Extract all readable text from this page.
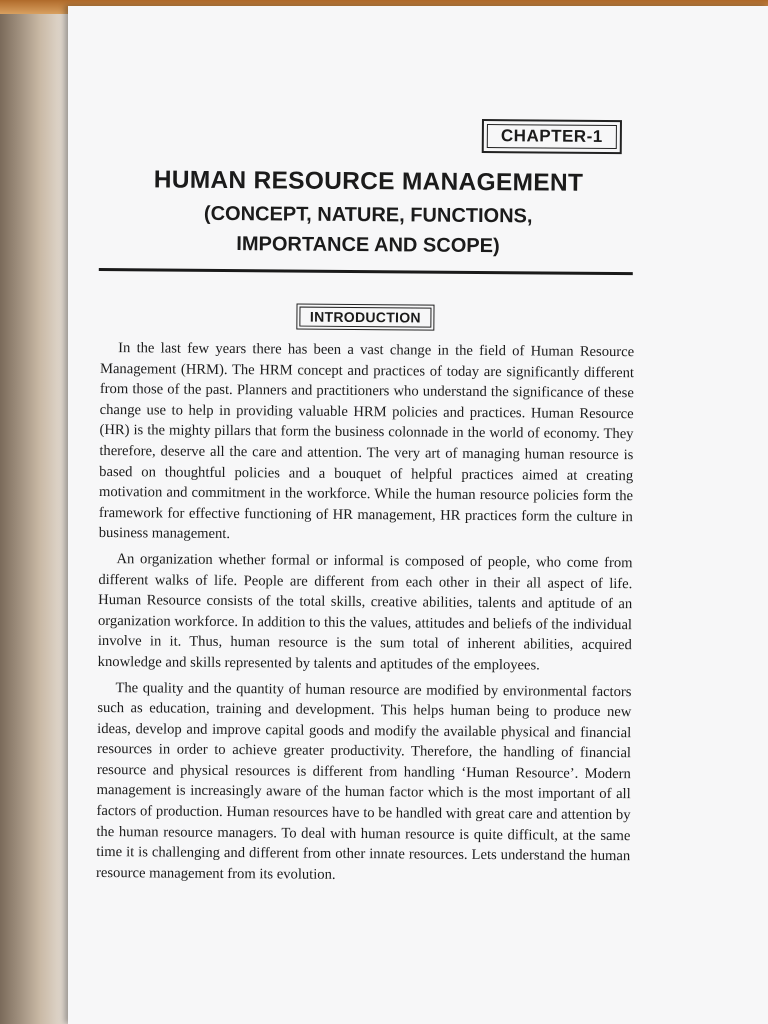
CHAPTER-1
HUMAN RESOURCE MANAGEMENT
(CONCEPT, NATURE, FUNCTIONS,
IMPORTANCE AND SCOPE)
INTRODUCTION

In the last few years there has been a vast change in the field of Human Resource Management (HRM). The HRM concept and practices of today are significantly different from those of the past. Planners and practitioners who understand the significance of these change use to help in providing valuable HRM policies and practices. Human Resource (HR) is the mighty pillars that form the business colonnade in the world of economy. They therefore, deserve all the care and attention. The very art of managing human resource is based on thoughtful policies and a bouquet of helpful practices aimed at creating motivation and commitment in the workforce. While the human resource policies form the framework for effective functioning of HR management, HR practices form the culture in business management.

An organization whether formal or informal is composed of people, who come from different walks of life. People are different from each other in their all aspect of life. Human Resource consists of the total skills, creative abilities, talents and aptitude of an organization workforce. In addition to this the values, attitudes and beliefs of the individual involve in it. Thus, human resource is the sum total of inherent abilities, acquired knowledge and skills represented by talents and aptitudes of the employees.

The quality and the quantity of human resource are modified by environmental factors such as education, training and development. This helps human being to produce new ideas, develop and improve capital goods and modify the available physical and financial resources in order to achieve greater productivity. Therefore, the handling of financial resource and physical resources is different from handling ‘Human Resource’. Modern management is increasingly aware of the human factor which is the most important of all factors of production. Human resources have to be handled with great care and attention by the human resource managers. To deal with human resource is quite difficult, at the same time it is challenging and different from other innate resources. Lets understand the human resource management from its evolution.
